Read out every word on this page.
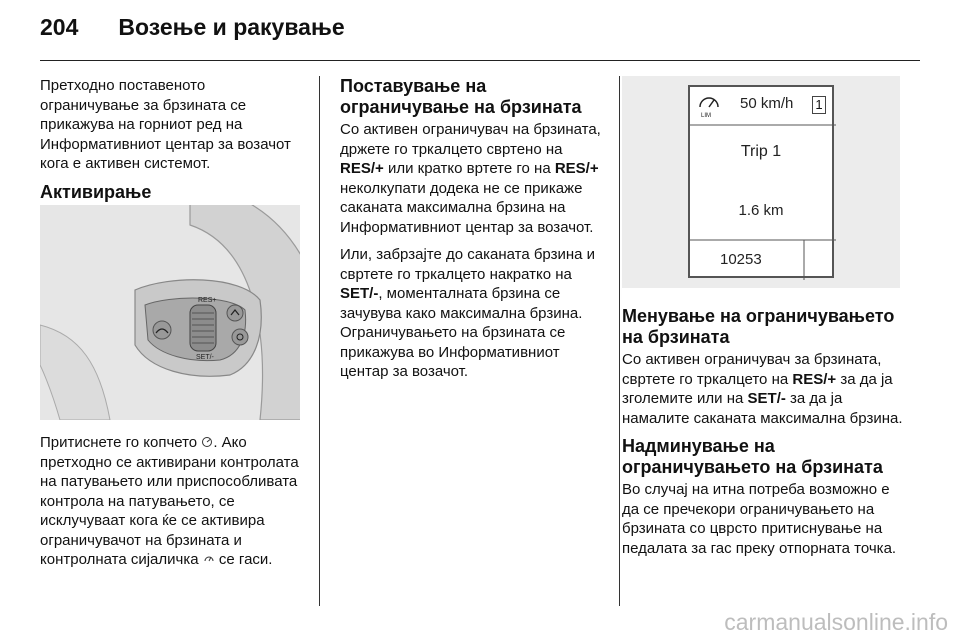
204 Возење и ракување

Претходно поставеното ограничување за брзината се прикажува на горниот ред на Информативниот центар за возачот кога е активен системот.

Активирање
RES+
SET/-
Притиснете го копчето . Ако претходно се активирани контролата на патувањето или приспособливата контрола на патувањето, се исклучуваат кога ќе се активира ограничувачот на брзината и контролната сијаличка  се гаси.
Поставување на ограничување на брзината

Со активен ограничувач на брзината, држете го тркалцето свртено на RES/+ или кратко вртете го на RES/+ неколкупати додека не се прикаже саканата максимална брзина на Информативниот центар за возачот.

Или, забрзајте до саканата брзина и свртете го тркалцето накратко на SET/-, моменталната брзина се зачувува како максимална брзина. Ограничувањето на брзината се прикажува во Информативниот центар за возачот.

LIM
50 km/h 1
Trip 1
1.6 km
10253
Менување на ограничувањето на брзината

Со активен ограничувач за брзината, свртете го тркалцето на RES/+ за да ја зголемите или на SET/- за да ја намалите саканата максимална брзина.

Надминување на ограничувањето на брзината

Во случај на итна потреба возможно е да се пречекори ограничувањето на брзината со цврсто притиснување на педалата за гас преку отпорната точка.

carmanualsonline.info
